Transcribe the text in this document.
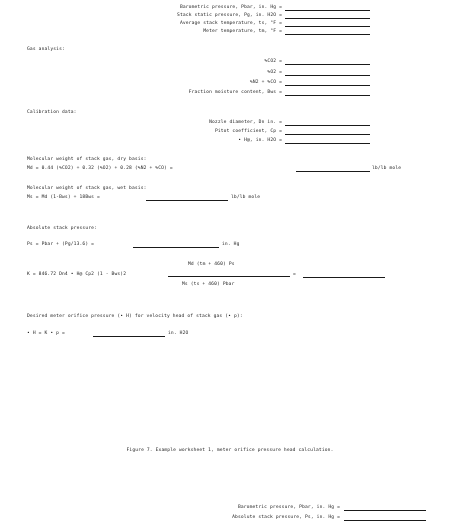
Barometric pressure, Pbar, in. Hg =
Stack static pressure, Pg, in. H2O =
Average stack temperature, ts, °F =
Meter temperature, tm, °F =
Gas analysis:
%CO2 =
%O2 =
%N2 + %CO =
Fraction moisture content, Bws =
Calibration data:
Nozzle diameter, Dn in. =
Pitot coefficient, Cp =
• H@, in. H2O =
Molecular weight of stack gas, dry basis:
Md = 0.44 (%CO2) + 0.32 (%O2) + 0.28 (%N2 + %CO) =	lb/lb mole
Molecular weight of stack gas, wet basis:
Ms = Md (1-Bws) + 18Bws =	lb/lb mole
Absolute stack pressure:
Ps = Pbar + (Pg/13.6) =	in. Hg
Md (tm + 460) Ps
K = 846.72 Dn4 • H@ Cp2 (1 - Bws)2	=
Ms (ts + 460) Pbar
Desired meter orifice pressure (• H) for velocity head of stack gas (• p):
• H = K • p =	in. H2O
Figure 7. Example worksheet 1, meter orifice pressure head calculation.
Barometric pressure, Pbar, in. Hg =
Absolute stack pressure, Ps, in. Hg =
